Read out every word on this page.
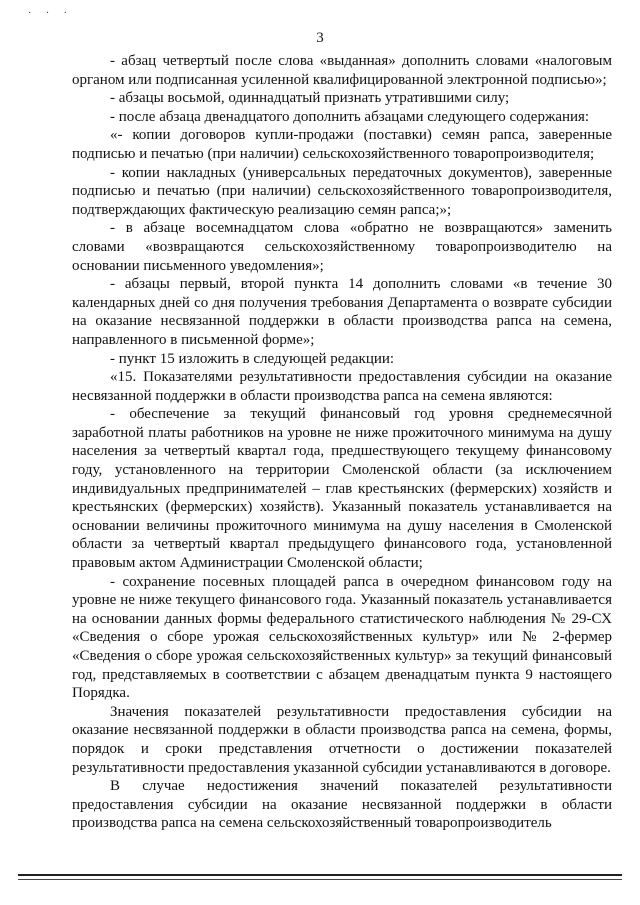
· · ·
3

- абзац четвертый после слова «выданная» дополнить словами «налоговым органом или подписанная усиленной квалифицированной электронной подписью»;

- абзацы восьмой, одиннадцатый признать утратившими силу;

- после абзаца двенадцатого дополнить абзацами следующего содержания:

«- копии договоров купли-продажи (поставки) семян рапса, заверенные подписью и печатью (при наличии) сельскохозяйственного товаропроизводителя;

- копии накладных (универсальных передаточных документов), заверенные подписью и печатью (при наличии) сельскохозяйственного товаропроизводителя, подтверждающих фактическую реализацию семян рапса;»;

- в абзаце восемнадцатом слова «обратно не возвращаются» заменить словами «возвращаются сельскохозяйственному товаропроизводителю на основании письменного уведомления»;

- абзацы первый, второй пункта 14 дополнить словами «в течение 30 календарных дней со дня получения требования Департамента о возврате субсидии на оказание несвязанной поддержки в области производства рапса на семена, направленного в письменной форме»;

- пункт 15 изложить в следующей редакции:

«15. Показателями результативности предоставления субсидии на оказание несвязанной поддержки в области производства рапса на семена являются:

- обеспечение за текущий финансовый год уровня среднемесячной заработной платы работников на уровне не ниже прожиточного минимума на душу населения за четвертый квартал года, предшествующего текущему финансовому году, установленного на территории Смоленской области (за исключением индивидуальных предпринимателей – глав крестьянских (фермерских) хозяйств и крестьянских (фермерских) хозяйств). Указанный показатель устанавливается на основании величины прожиточного минимума на душу населения в Смоленской области за четвертый квартал предыдущего финансового года, установленной правовым актом Администрации Смоленской области;

- сохранение посевных площадей рапса в очередном финансовом году на уровне не ниже текущего финансового года. Указанный показатель устанавливается на основании данных формы федерального статистического наблюдения № 29-СХ «Сведения о сборе урожая сельскохозяйственных культур» или № 2-фермер «Сведения о сборе урожая сельскохозяйственных культур» за текущий финансовый год, представляемых в соответствии с абзацем двенадцатым пункта 9 настоящего Порядка.

Значения показателей результативности предоставления субсидии на оказание несвязанной поддержки в области производства рапса на семена, формы, порядок и сроки представления отчетности о достижении показателей результативности предоставления указанной субсидии устанавливаются в договоре.

В случае недостижения значений показателей результативности предоставления субсидии на оказание несвязанной поддержки в области производства рапса на семена сельскохозяйственный товаропроизводитель
